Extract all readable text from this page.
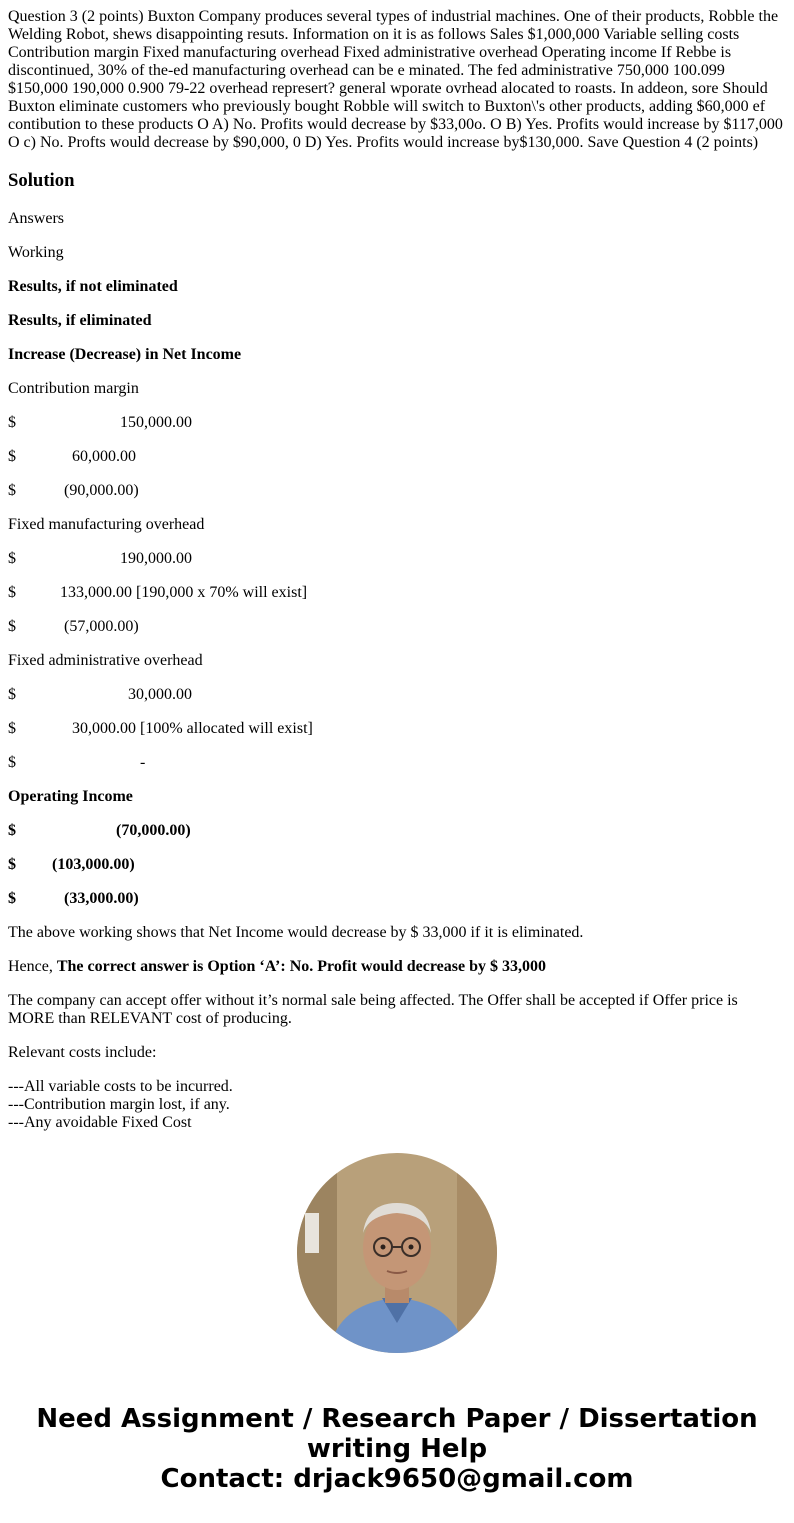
Question 3 (2 points) Buxton Company produces several types of industrial machines. One of their products, Robble the Welding Robot, shews disappointing resuts. Information on it is as follows Sales $1,000,000 Variable selling costs Contribution margin Fixed manufacturing overhead Fixed administrative overhead Operating income If Rebbe is discontinued, 30% of the-ed manufacturing overhead can be e minated. The fed administrative 750,000 100.099 $150,000 190,000 0.900 79-22 overhead represert? general wporate ovrhead alocated to roasts. In addeon, sore Should Buxton eliminate customers who previously bought Robble will switch to Buxton\'s other products, adding $60,000 ef contibution to these products O A) No. Profits would decrease by $33,00o. O B) Yes. Profits would increase by $117,000 O c) No. Profts would decrease by $90,000, 0 D) Yes. Profits would increase by$130,000. Save Question 4 (2 points)
Solution

Answers

Working

Results, if not eliminated

Results, if eliminated

Increase (Decrease) in Net Income

Contribution margin

$                          150,000.00

$              60,000.00

$            (90,000.00)

Fixed manufacturing overhead

$                          190,000.00

$           133,000.00 [190,000 x 70% will exist]

$            (57,000.00)

Fixed administrative overhead

$                            30,000.00

$              30,000.00 [100% allocated will exist]

$                               -

Operating Income

$                         (70,000.00)

$         (103,000.00)

$            (33,000.00)

The above working shows that Net Income would decrease by $ 33,000 if it is eliminated.

Hence, The correct answer is Option ‘A’: No. Profit would decrease by $ 33,000

The company can accept offer without it’s normal sale being affected. The Offer shall be accepted if Offer price is MORE than RELEVANT cost of producing.

Relevant costs include:

---All variable costs to be incurred.
---Contribution margin lost, if any.
---Any avoidable Fixed Cost
Need Assignment / Research Paper / Dissertation
writing Help
Contact: drjack9650@gmail.com
